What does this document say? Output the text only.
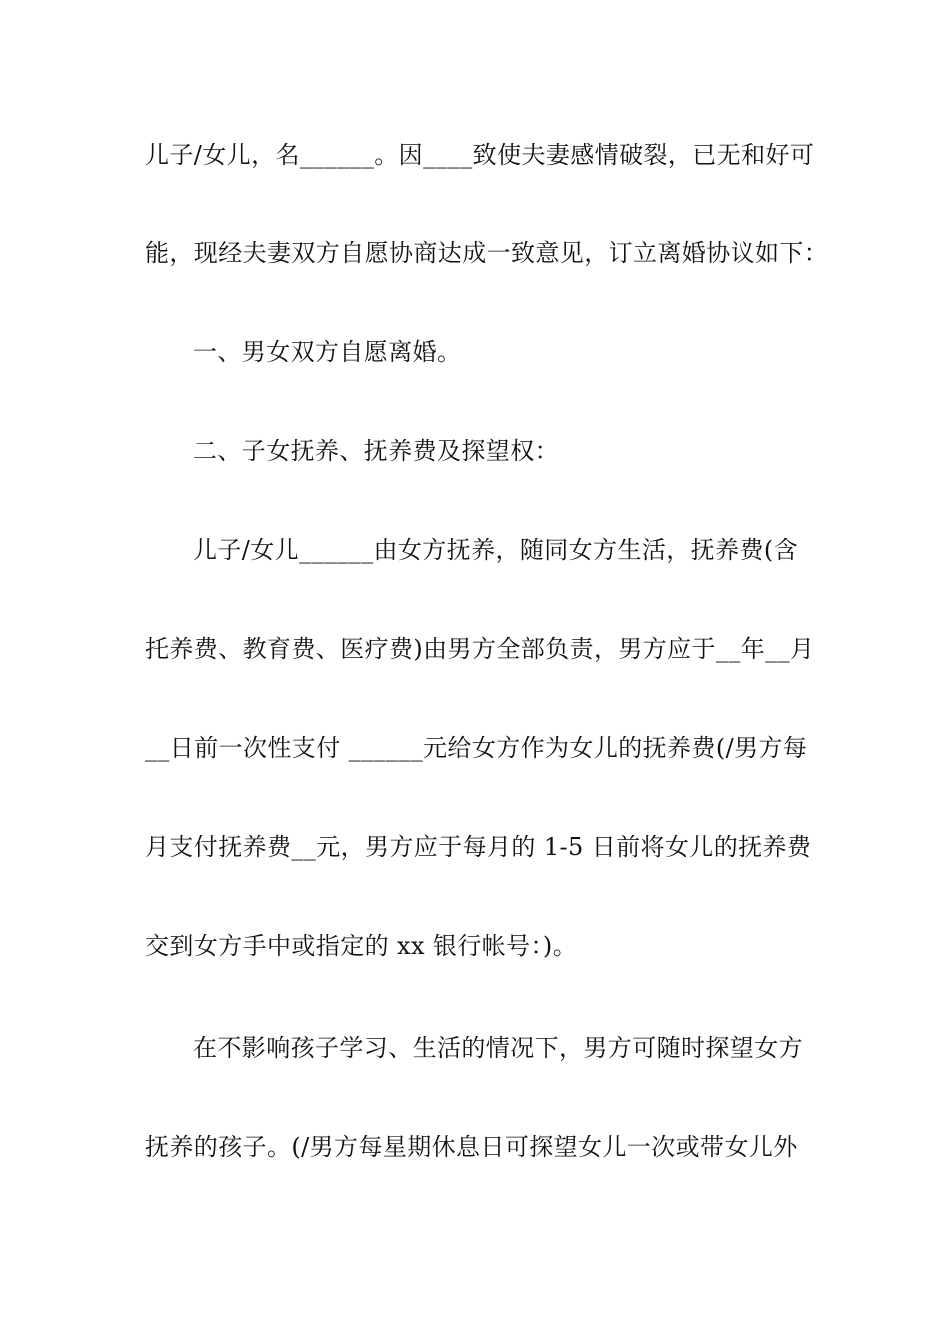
儿子/女儿，名______。因____致使夫妻感情破裂，已无和好可
能，现经夫妻双方自愿协商达成一致意见，订立离婚协议如下：
一、男女双方自愿离婚。
二、子女抚养、抚养费及探望权：
儿子/女儿______由女方抚养，随同女方生活，抚养费(含
托养费、教育费、医疗费)由男方全部负责，男方应于__年__月
__日前一次性支付 ______元给女方作为女儿的抚养费(/男方每
月支付抚养费__元，男方应于每月的 1-5 日前将女儿的抚养费
交到女方手中或指定的 xx 银行帐号：)。
在不影响孩子学习、生活的情况下，男方可随时探望女方
抚养的孩子。(/男方每星期休息日可探望女儿一次或带女儿外
